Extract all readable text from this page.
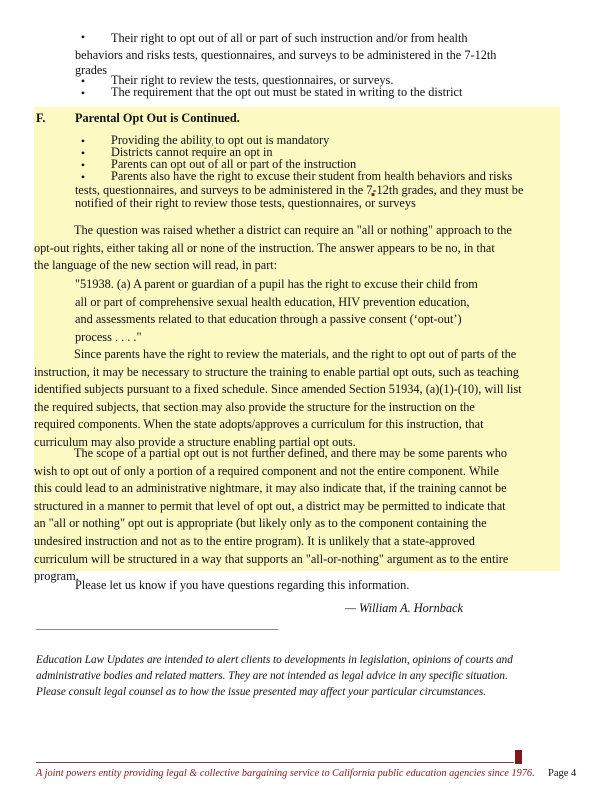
• Their right to opt out of all or part of such instruction and/or from health
behaviors and risks tests, questionnaires, and surveys to be administered in the 7-12th
grades
• Their right to review the tests, questionnaires, or surveys.
• The requirement that the opt out must be stated in writing to the district
F. Parental Opt Out is Continued.
• Providing the ability to opt out is mandatory
• Districts cannot require an opt in
• Parents can opt out of all or part of the instruction
• Parents also have the right to excuse their student from health behaviors and risks
tests, questionnaires, and surveys to be administered in the 7-12th grades, and they must be
notified of their right to review those tests, questionnaires, or surveys
The question was raised whether a district can require an "all or nothing" approach to the
opt-out rights, either taking all or none of the instruction. The answer appears to be no, in that
the language of the new section will read, in part:
"51938. (a) A parent or guardian of a pupil has the right to excuse their child from
all or part of comprehensive sexual health education, HIV prevention education,
and assessments related to that education through a passive consent (‘opt-out’)
process . . . ."
Since parents have the right to review the materials, and the right to opt out of parts of the
instruction, it may be necessary to structure the training to enable partial opt outs, such as teaching
identified subjects pursuant to a fixed schedule. Since amended Section 51934, (a)(1)-(10), will list
the required subjects, that section may also provide the structure for the instruction on the
required components. When the state adopts/approves a curriculum for this instruction, that
curriculum may also provide a structure enabling partial opt outs.
The scope of a partial opt out is not further defined, and there may be some parents who
wish to opt out of only a portion of a required component and not the entire component. While
this could lead to an administrative nightmare, it may also indicate that, if the training cannot be
structured in a manner to permit that level of opt out, a district may be permitted to indicate that
an "all or nothing" opt out is appropriate (but likely only as to the component containing the
undesired instruction and not as to the entire program). It is unlikely that a state-approved
curriculum will be structured in a way that supports an "all-or-nothing" argument as to the entire
program.
Please let us know if you have questions regarding this information.
— William A. Hornback
Education Law Updates are intended to alert clients to developments in legislation, opinions of courts and
administrative bodies and related matters. They are not intended as legal advice in any specific situation.
Please consult legal counsel as to how the issue presented may affect your particular circumstances.
A joint powers entity providing legal & collective bargaining service to California public education agencies since 1976. Page 4
